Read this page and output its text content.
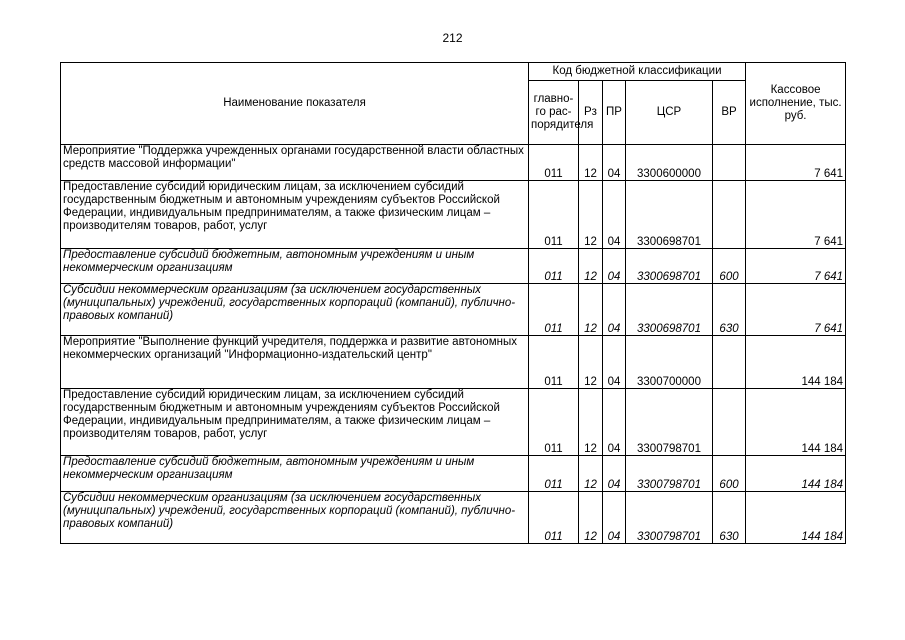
212
Наименование показателя	Код бюджетной классификации					Кассовое исполнение, тыс. руб.
	главно-го рас-порядителя	Рз	ПР	ЦСР	ВР	
Мероприятие "Поддержка учрежденных органами государственной власти областных средств массовой информации"	011	12	04	3300600000		7 641
Предоставление субсидий юридическим лицам, за исключением субсидий государственным бюджетным и автономным учреждениям субъектов Российской Федерации, индивидуальным предпринимателям, а также физическим лицам – производителям товаров, работ, услуг	011	12	04	3300698701		7 641
Предоставление субсидий бюджетным, автономным учреждениям и иным некоммерческим организациям	011	12	04	3300698701	600	7 641
Субсидии некоммерческим организациям (за исключением государственных (муниципальных) учреждений, государственных корпораций (компаний), публично-правовых компаний)	011	12	04	3300698701	630	7 641
Мероприятие "Выполнение функций учредителя, поддержка и развитие автономных некоммерческих организаций "Информационно-издательский центр"	011	12	04	3300700000		144 184
Предоставление субсидий юридическим лицам, за исключением субсидий государственным бюджетным и автономным учреждениям субъектов Российской Федерации, индивидуальным предпринимателям, а также физическим лицам – производителям товаров, работ, услуг	011	12	04	3300798701		144 184
Предоставление субсидий бюджетным, автономным учреждениям и иным некоммерческим организациям	011	12	04	3300798701	600	144 184
Субсидии некоммерческим организациям (за исключением государственных (муниципальных) учреждений, государственных корпораций (компаний), публично-правовых компаний)	011	12	04	3300798701	630	144 184
